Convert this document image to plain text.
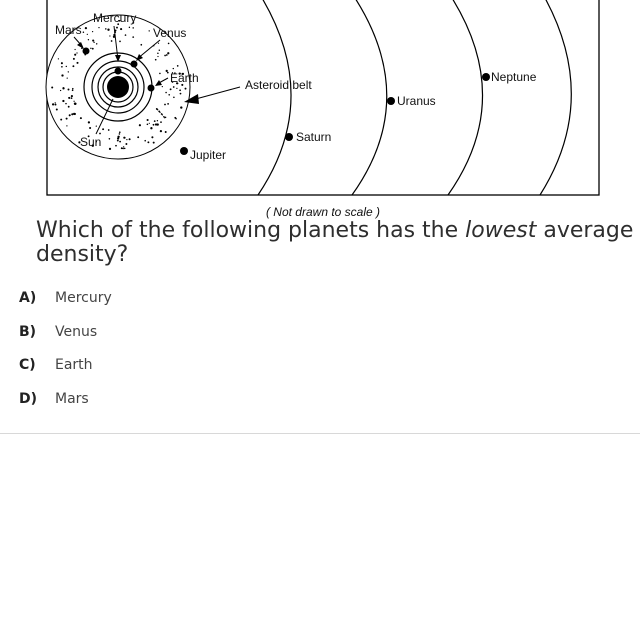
Mercury
Mars	Venus
Earth
Sun
Jupiter
Asteroid belt
Saturn
Uranus
Neptune
( Not drawn to scale )
Which of the following planets has the lowest average density?
A) Mercury
B) Venus
C) Earth
D) Mars
